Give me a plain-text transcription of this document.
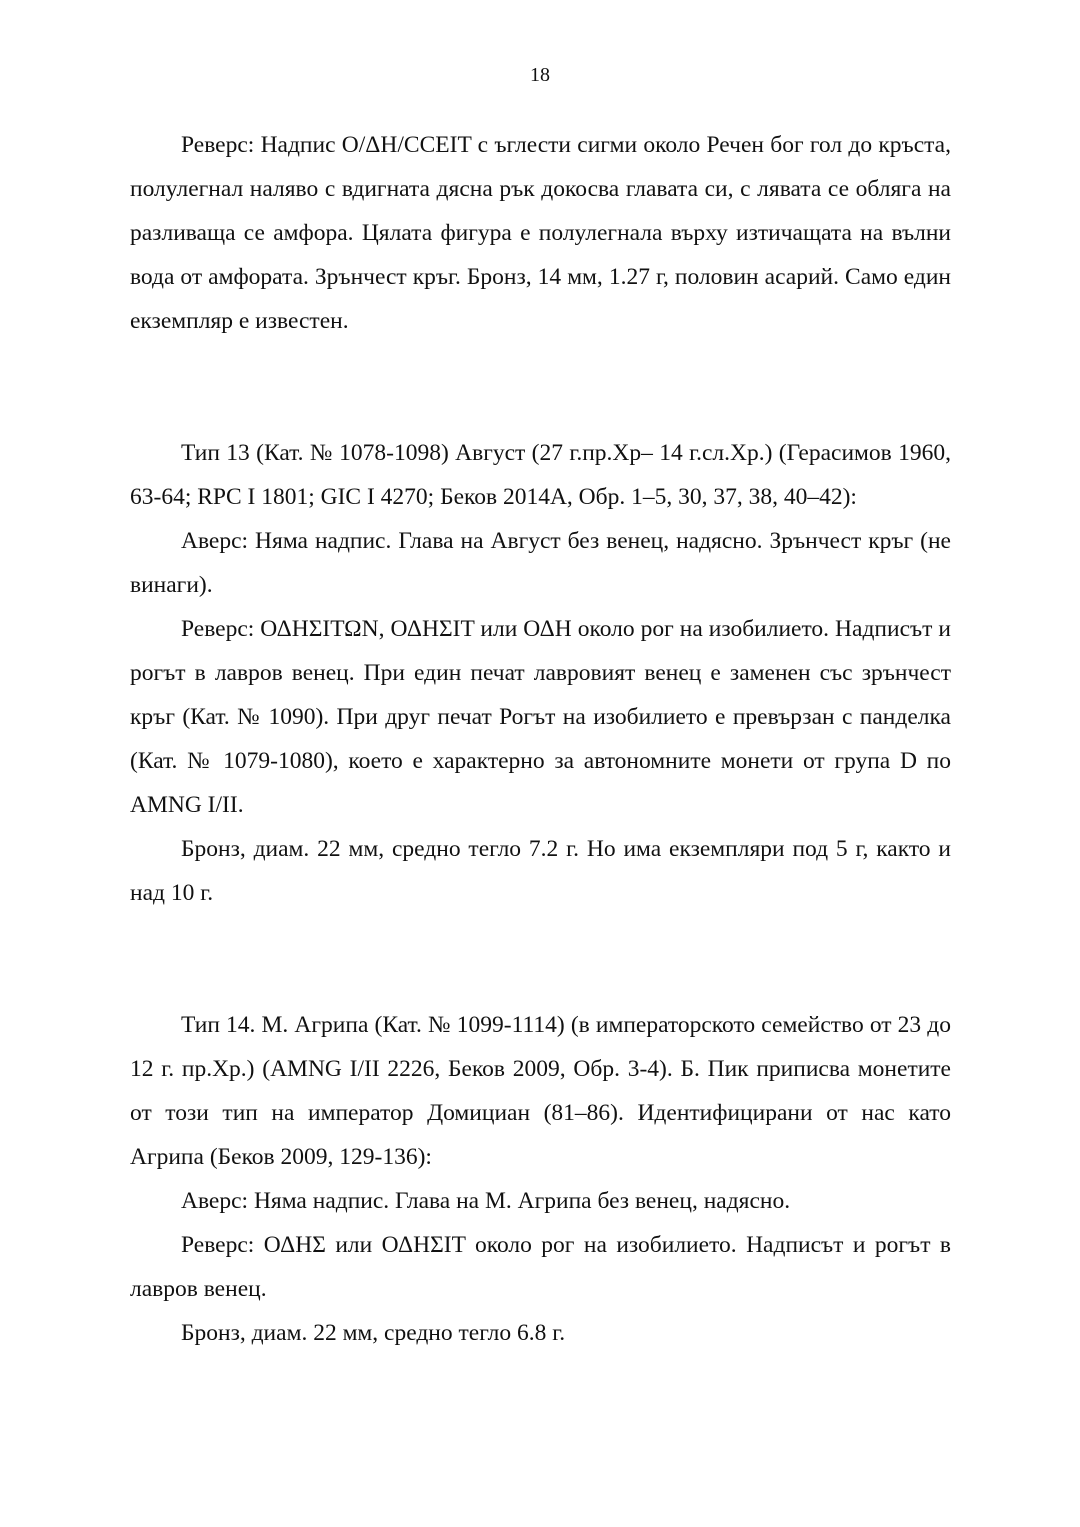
18

Реверс: Надпис О/ΔH/CCEIT с ъглести сигми около Речен бог гол до кръста, полулегнал наляво с вдигната дясна рък докосва главата си, с лявата се обляга на разливаща се амфора. Цялата фигура е полулегнала върху изтичащата на вълни вода от амфората. Зрънчест кръг. Бронз, 14 мм, 1.27 г, половин асарий. Само един екземпляр е известен.

Тип 13 (Кат. № 1078-1098) Август (27 г.пр.Хр– 14 г.сл.Хр.) (Герасимов 1960, 63-64; RPC I 1801; GIC I 4270; Беков 2014А, Обр. 1–5, 30, 37, 38, 40–42):

Аверс: Няма надпис. Глава на Август без венец, надясно. Зрънчест кръг (не винаги).

Реверс: ΟΔΗΣΙΤΩΝ, ΟΔΗΣΙΤ или ΟΔΗ около рог на изобилието. Надписът и рогът в лавров венец. При един печат лавровият венец е заменен със зрънчест кръг (Кат. № 1090). При друг печат Рогът на изобилието е превързан с панделка (Кат. № 1079-1080), което е характерно за автономните монети от група D по AMNG I/II.

Бронз, диам. 22 мм, средно тегло 7.2 г. Но има екземпляри под 5 г, както и над 10 г.

Тип 14. М. Агрипа (Кат. № 1099-1114) (в императорското семейство от 23 до 12 г. пр.Хр.) (AMNG I/II 2226, Беков 2009, Обр. 3-4). Б. Пик приписва монетите от този тип на император Домициан (81–86). Идентифицирани от нас като Агрипа (Беков 2009, 129-136):

Аверс: Няма надпис. Глава на М. Агрипа без венец, надясно.

Реверс: ΟΔΗΣ или ΟΔΗΣΙΤ около рог на изобилието. Надписът и рогът в лавров венец.

Бронз, диам. 22 мм, средно тегло 6.8 г.
